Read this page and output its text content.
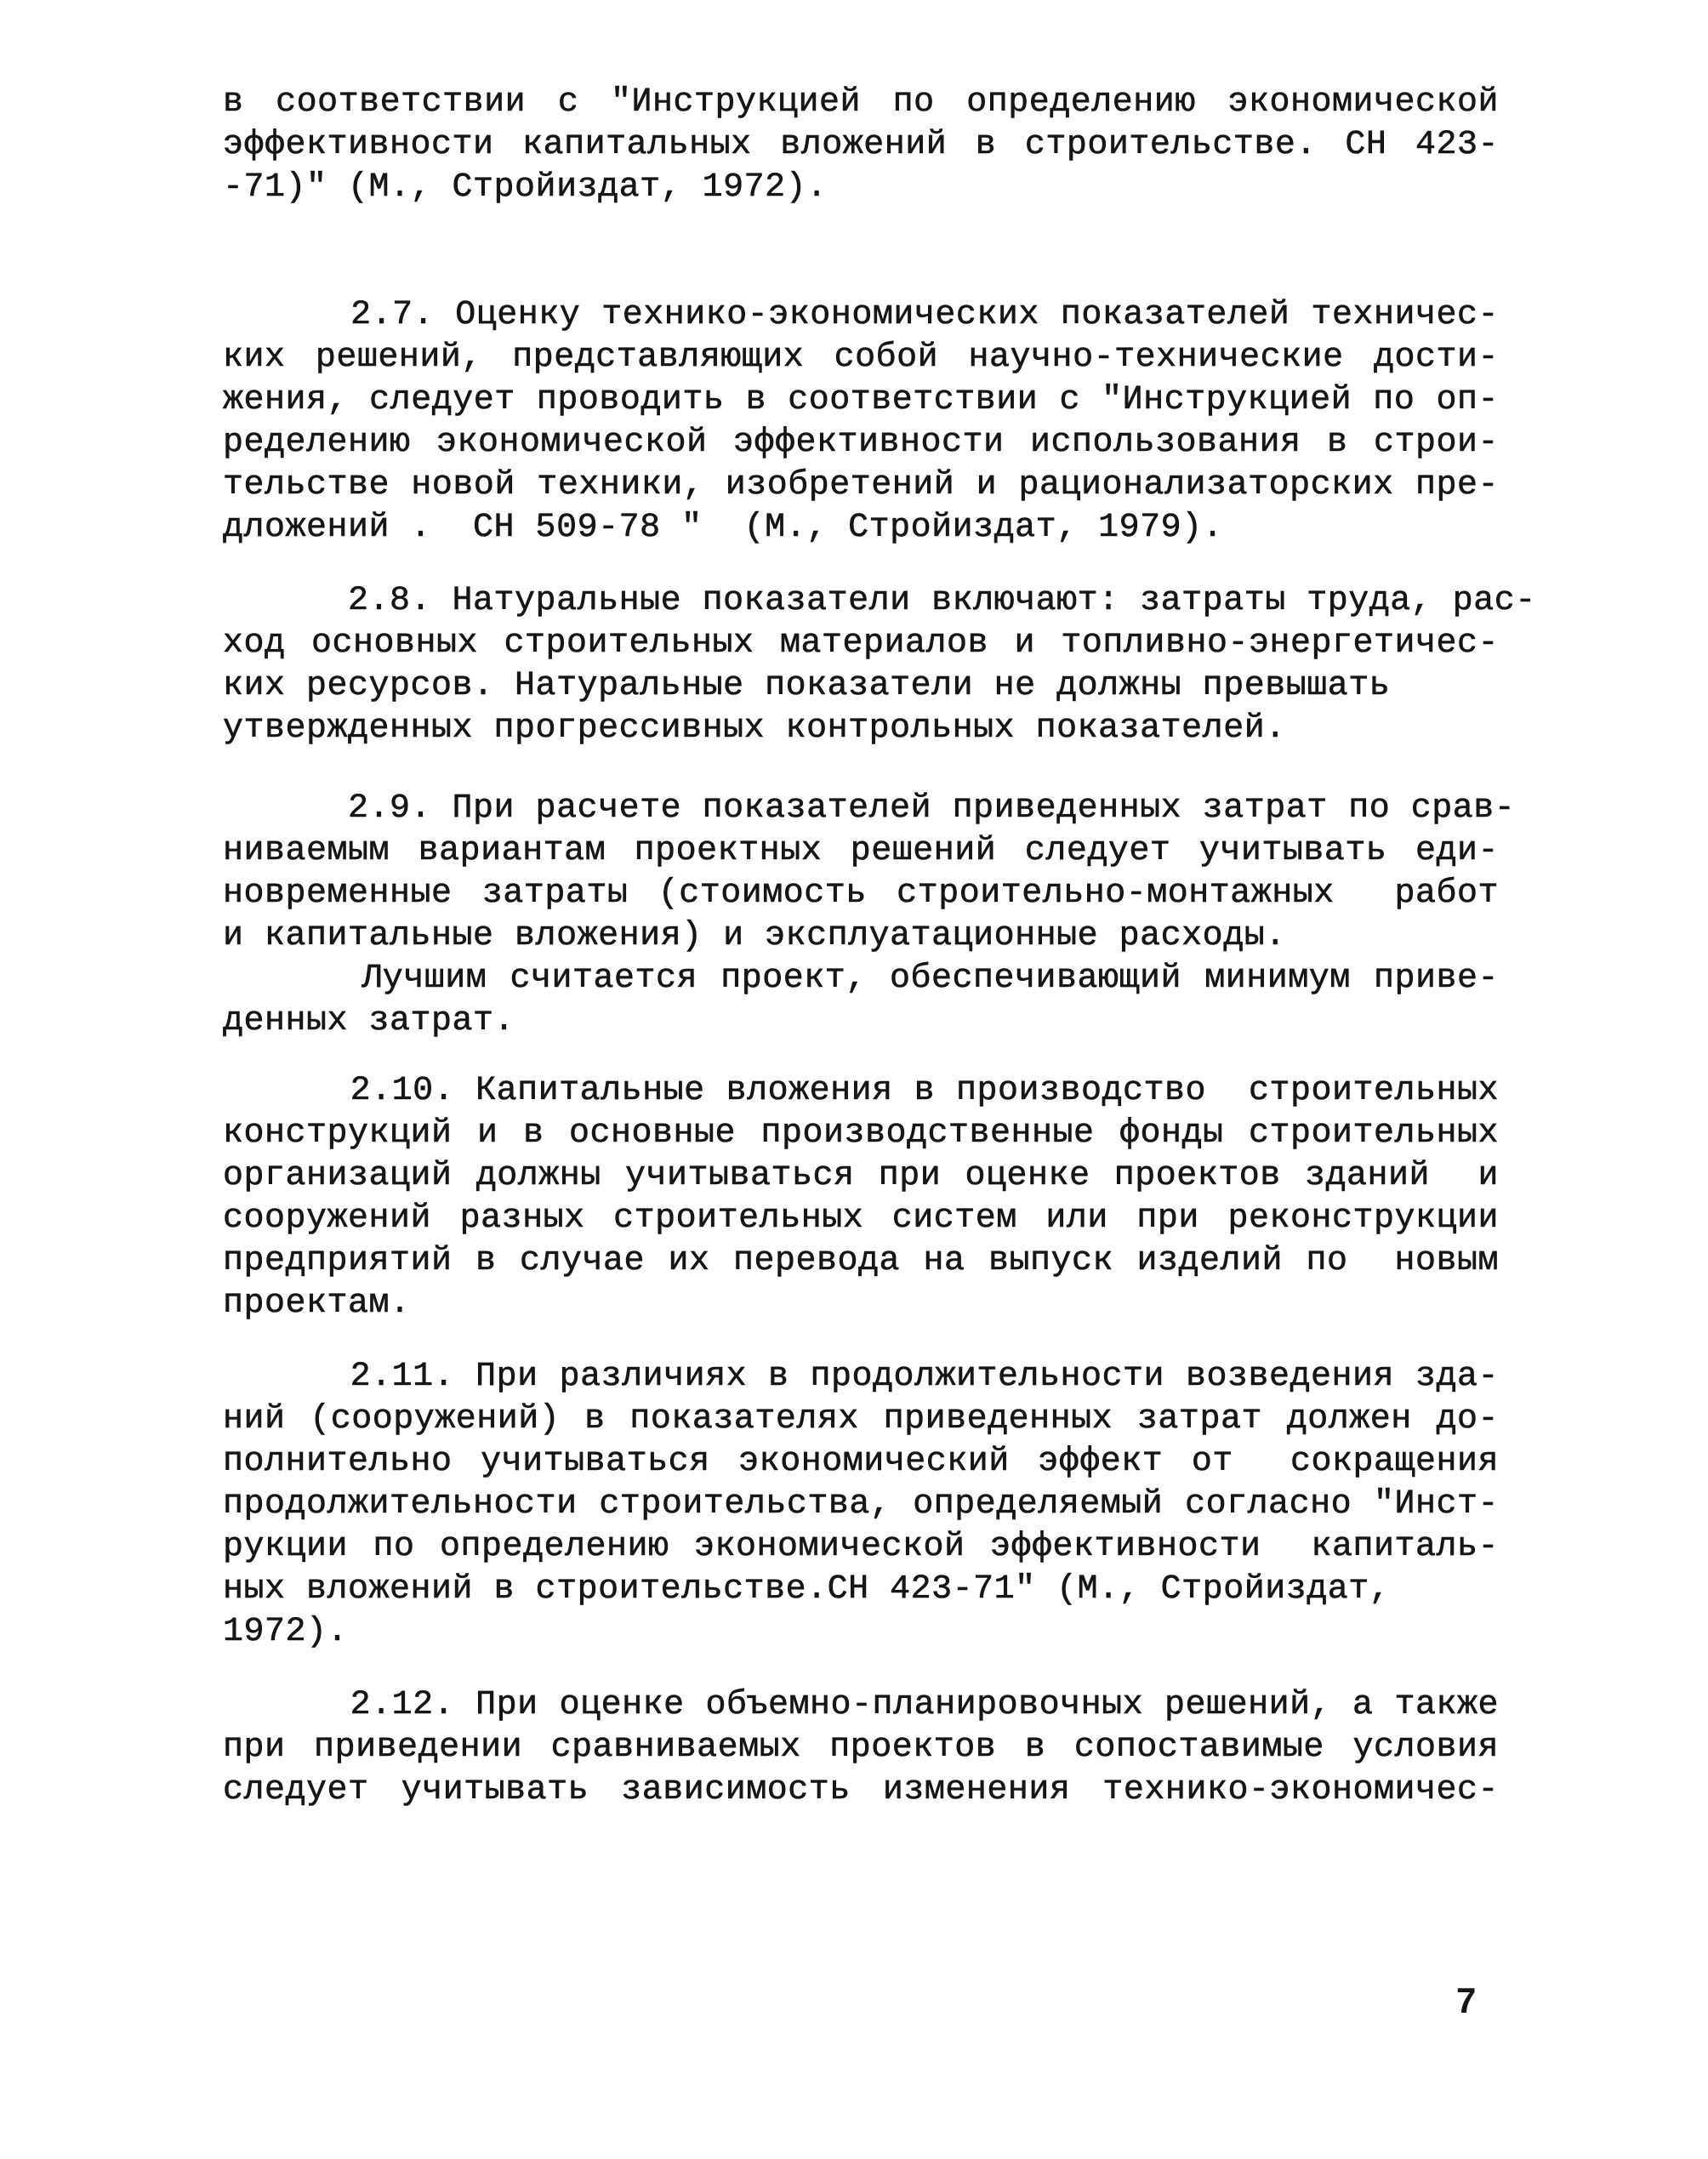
в соответствии с "Инструкцией по определению экономической
эффективности капитальных вложений в строительстве. СН 423-
-71)" (М., Стройиздат, 1972).
2.7. Оценку технико-экономических показателей техничес-
ких решений, представляющих собой научно-технические дости-
жения, следует проводить в соответствии с "Инструкцией по оп-
ределению экономической эффективности использования в строи-
тельстве новой техники, изобретений и рационализаторских пре-
дложений .  СН 509-78 "  (М., Стройиздат, 1979).
2.8. Натуральные показатели включают: затраты труда, рас-
ход основных строительных материалов и топливно-энергетичес-
ких ресурсов. Натуральные показатели не должны превышать
утвержденных прогрессивных контрольных показателей.
2.9. При расчете показателей приведенных затрат по срав-
ниваемым вариантам проектных решений следует учитывать еди-
новременные затраты (стоимость строительно-монтажных  работ
и капитальные вложения) и эксплуатационные расходы.
Лучшим считается проект, обеспечивающий минимум приве-
денных затрат.
2.10. Капитальные вложения в производство  строительных
конструкций и в основные производственные фонды строительных
организаций должны учитываться при оценке проектов зданий  и
сооружений разных строительных систем или при реконструкции
предприятий в случае их перевода на выпуск изделий по  новым
проектам.
2.11. При различиях в продолжительности возведения зда-
ний (сооружений) в показателях приведенных затрат должен до-
полнительно учитываться экономический эффект от  сокращения
продолжительности строительства, определяемый согласно "Инст-
рукции по определению экономической эффективности  капиталь-
ных вложений в строительстве.СН 423-71" (М., Стройиздат,
1972).
2.12. При оценке объемно-планировочных решений, а также
при приведении сравниваемых проектов в сопоставимые условия
следует учитывать зависимость изменения технико-экономичес-
7
